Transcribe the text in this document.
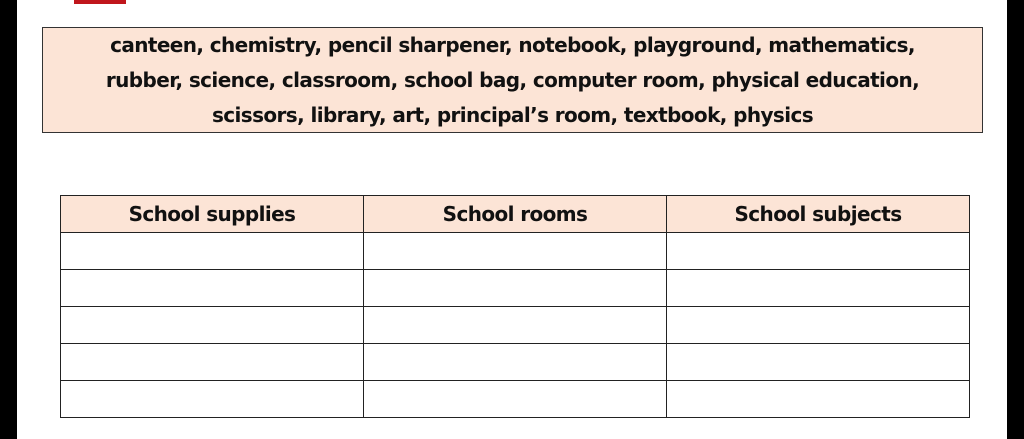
canteen, chemistry, pencil sharpener, notebook, playground, mathematics,
rubber, science, classroom, school bag, computer room, physical education,
scissors, library, art, principal’s room, textbook, physics
School supplies	School rooms	School subjects
